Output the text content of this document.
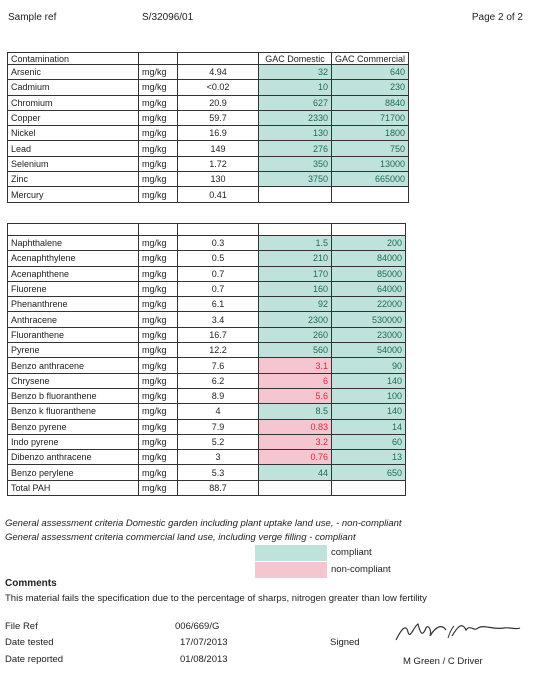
Sample ref	S/32096/01	Page 2 of 2
Contamination			GAC Domestic	GAC Commercial
Arsenic	mg/kg	4.94	32	640
Cadmium	mg/kg	<0.02	10	230
Chromium	mg/kg	20.9	627	8840
Copper	mg/kg	59.7	2330	71700
Nickel	mg/kg	16.9	130	1800
Lead	mg/kg	149	276	750
Selenium	mg/kg	1.72	350	13000
Zinc	mg/kg	130	3750	665000
Mercury	mg/kg	0.41		

Naphthalene	mg/kg	0.3	1.5	200
Acenaphthylene	mg/kg	0.5	210	84000
Acenaphthene	mg/kg	0.7	170	85000
Fluorene	mg/kg	0.7	160	64000
Phenanthrene	mg/kg	6.1	92	22000
Anthracene	mg/kg	3.4	2300	530000
Fluoranthene	mg/kg	16.7	260	23000
Pyrene	mg/kg	12.2	560	54000
Benzo anthracene	mg/kg	7.6	3.1	90
Chrysene	mg/kg	6.2	6	140
Benzo b fluoranthene	mg/kg	8.9	5.6	100
Benzo k fluoranthene	mg/kg	4	8.5	140
Benzo pyrene	mg/kg	7.9	0.83	14
Indo pyrene	mg/kg	5.2	3.2	60
Dibenzo anthracene	mg/kg	3	0.76	13
Benzo perylene	mg/kg	5.3	44	650
Total PAH	mg/kg	88.7		
General assessment criteria Domestic garden including plant uptake land use, - non-compliant
General assessment criteria commercial land use, including verge filling - compliant
compliant
non-compliant
Comments
This material fails the specification due to the percentage of sharps, nitrogen greater than low fertility
File Ref	006/669/G
Date tested	17/07/2013
Date reported	01/08/2013
Signed
M Green / C Driver
